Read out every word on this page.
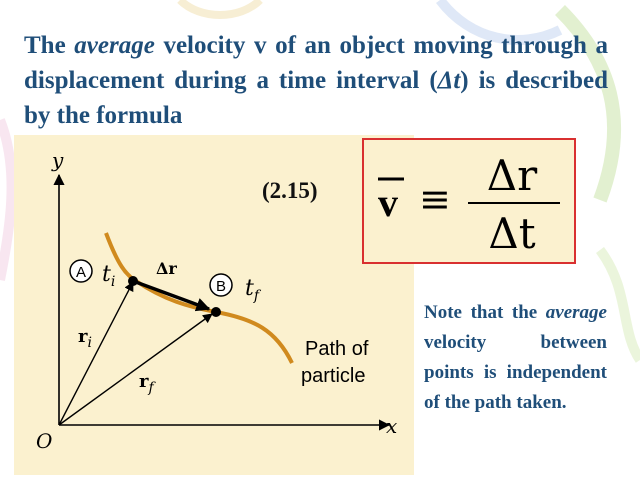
The average velocity v of an object moving through a displacement during a time interval (Δt) is described by the formula

y
x
O
A
B
$t_i$	$t_f$
Δr
$r_i$
$r_f$
Path of
particle
(2.15) v ≡ Δr
Δt

Note that the average velocity between points is independent of the path taken.
